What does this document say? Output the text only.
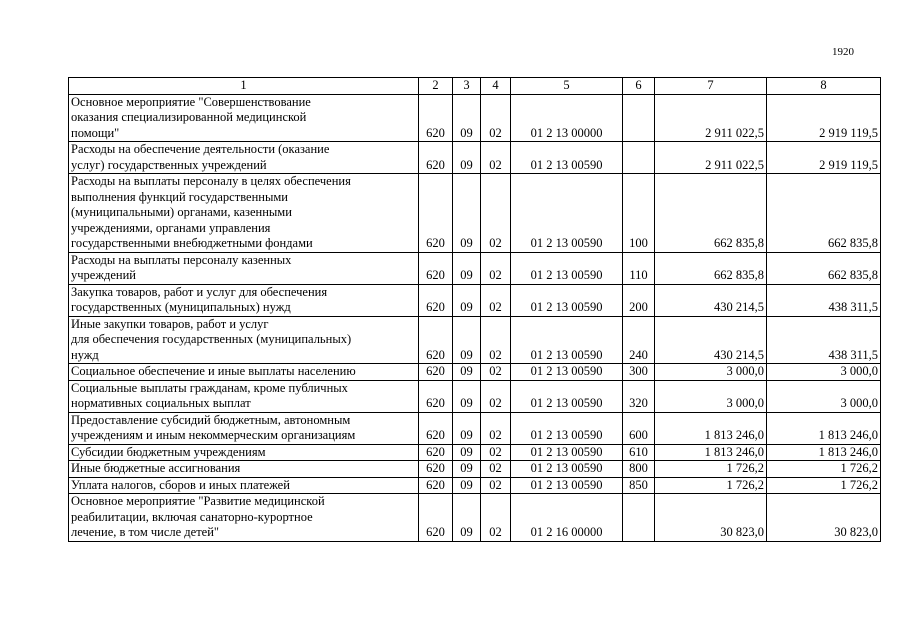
1920
1	2	3	4	5	6	7	8

Основное мероприятие "Совершенствование
оказания специализированной медицинской
помощи"	620	09	02	01 2 13 00000		2 911 022,5	2 919 119,5

Расходы на обеспечение деятельности (оказание
услуг) государственных учреждений	620	09	02	01 2 13 00590		2 911 022,5	2 919 119,5

Расходы на выплаты персоналу в целях обеспечения
выполнения функций государственными
(муниципальными) органами, казенными
учреждениями, органами управления
государственными внебюджетными фондами	620	09	02	01 2 13 00590	100	662 835,8	662 835,8

Расходы на выплаты персоналу казенных
учреждений	620	09	02	01 2 13 00590	110	662 835,8	662 835,8

Закупка товаров, работ и услуг для обеспечения
государственных (муниципальных) нужд	620	09	02	01 2 13 00590	200	430 214,5	438 311,5

Иные закупки товаров, работ и услуг
для обеспечения государственных (муниципальных)
нужд	620	09	02	01 2 13 00590	240	430 214,5	438 311,5

Социальное обеспечение и иные выплаты населению	620	09	02	01 2 13 00590	300	3 000,0	3 000,0

Социальные выплаты гражданам, кроме публичных
нормативных социальных выплат	620	09	02	01 2 13 00590	320	3 000,0	3 000,0

Предоставление субсидий бюджетным, автономным
учреждениям и иным некоммерческим организациям	620	09	02	01 2 13 00590	600	1 813 246,0	1 813 246,0

Субсидии бюджетным учреждениям	620	09	02	01 2 13 00590	610	1 813 246,0	1 813 246,0

Иные бюджетные ассигнования	620	09	02	01 2 13 00590	800	1 726,2	1 726,2

Уплата налогов, сборов и иных платежей	620	09	02	01 2 13 00590	850	1 726,2	1 726,2

Основное мероприятие "Развитие медицинской
реабилитации, включая санаторно-курортное
лечение, в том числе детей"	620	09	02	01 2 16 00000		30 823,0	30 823,0
